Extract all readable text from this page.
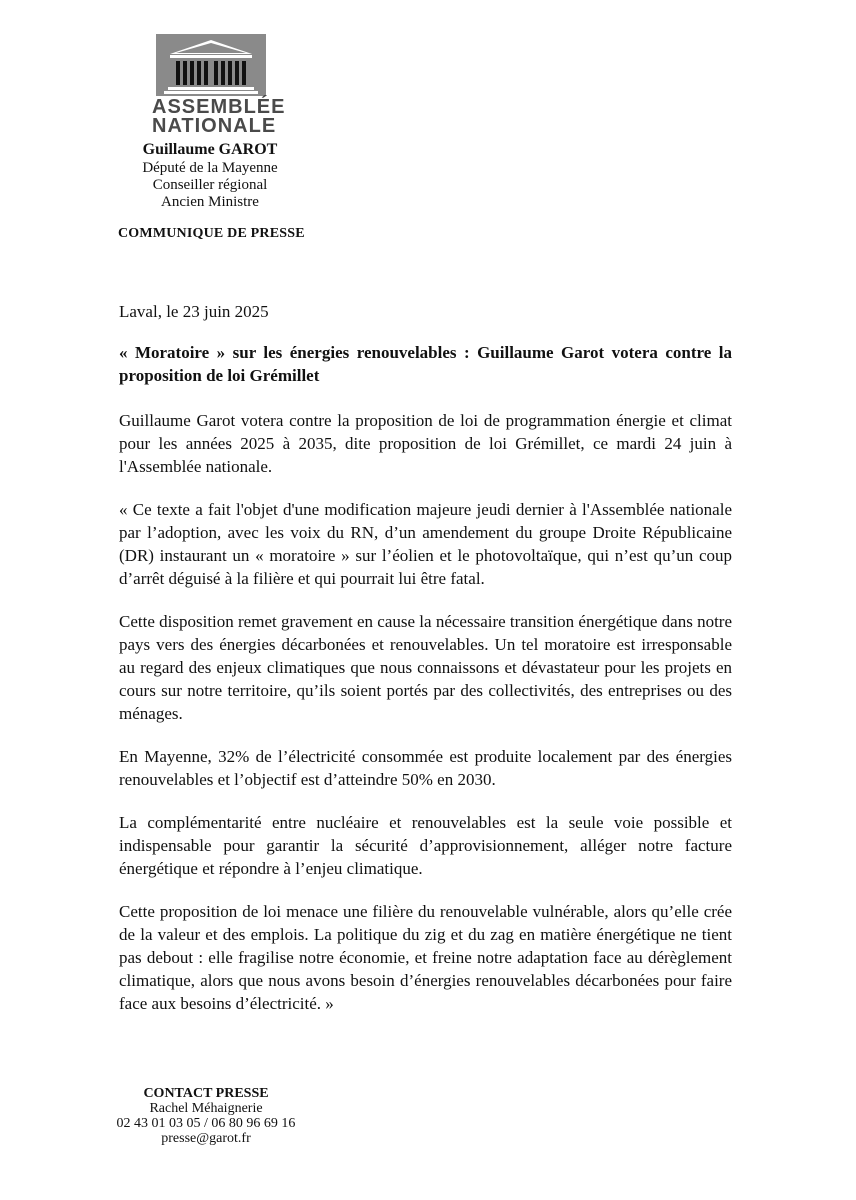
ASSEMBLÉE
NATIONALE
Guillaume GAROT
Député de la Mayenne
Conseiller régional
Ancien Ministre
COMMUNIQUE DE PRESSE

Laval, le 23 juin 2025

« Moratoire » sur les énergies renouvelables : Guillaume Garot votera contre la proposition de loi Grémillet

Guillaume Garot votera contre la proposition de loi de programmation énergie et climat pour les années 2025 à 2035, dite proposition de loi Grémillet, ce mardi 24 juin à l'Assemblée nationale.

« Ce texte a fait l'objet d'une modification majeure jeudi dernier à l'Assemblée nationale par l’adoption, avec les voix du RN, d’un amendement du groupe Droite Républicaine (DR) instaurant un « moratoire » sur l’éolien et le photovoltaïque, qui n’est qu’un coup d’arrêt déguisé à la filière et qui pourrait lui être fatal.

Cette disposition remet gravement en cause la nécessaire transition énergétique dans notre pays vers des énergies décarbonées et renouvelables. Un tel moratoire est irresponsable au regard des enjeux climatiques que nous connaissons et dévastateur pour les projets en cours sur notre territoire, qu’ils soient portés par des collectivités, des entreprises ou des ménages.

En Mayenne, 32% de l’électricité consommée est produite localement par des énergies renouvelables et l’objectif est d’atteindre 50% en 2030.

La complémentarité entre nucléaire et renouvelables est la seule voie possible et indispensable pour garantir la sécurité d’approvisionnement, alléger notre facture énergétique et répondre à l’enjeu climatique.

Cette proposition de loi menace une filière du renouvelable vulnérable, alors qu’elle crée de la valeur et des emplois. La politique du zig et du zag en matière énergétique ne tient pas debout : elle fragilise notre économie, et freine notre adaptation face au dérèglement climatique, alors que nous avons besoin d’énergies renouvelables décarbonées pour faire face aux besoins d’électricité. »

CONTACT PRESSE
Rachel Méhaignerie
02 43 01 03 05 / 06 80 96 69 16
presse@garot.fr
